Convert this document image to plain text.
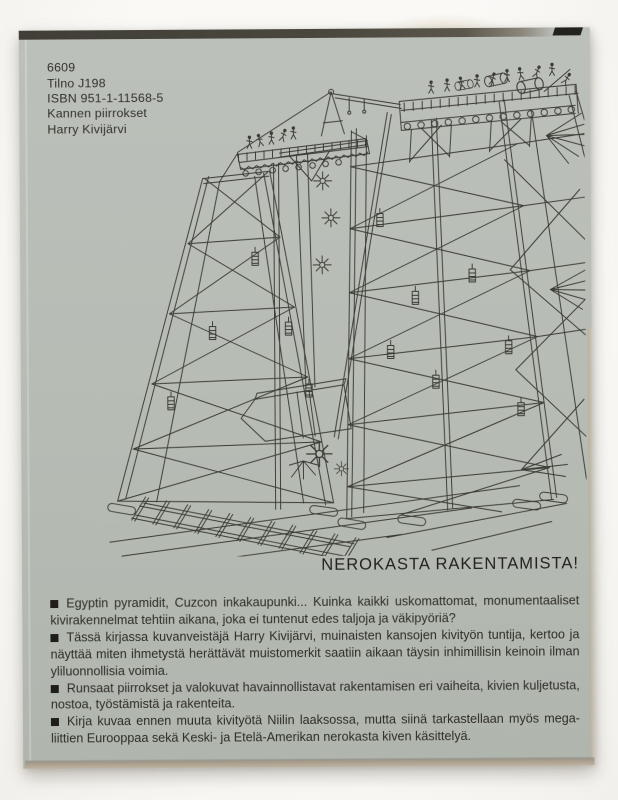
6609
Tilno J198
ISBN 951-1-11568-5
Kannen piirrokset
Harry Kivijärvi
NEROKASTA RAKENTAMISTA!

Egyptin pyramidit, Cuzcon inkakaupunki... Kuinka kaikki uskomattomat, monumentaaliset kivirakennelmat tehtiin aikana, joka ei tuntenut edes taljoja ja väkipyöriä?

Tässä kirjassa kuvanveistäjä Harry Kivijärvi, muinaisten kansojen kivityön tuntija, kertoo ja näyttää miten ihmetystä herättävät muistomerkit saatiin aikaan täysin inhimillisin keinoin ilman yliluonnollisia voimia.

Runsaat piirrokset ja valokuvat havainnollistavat rakentamisen eri vaiheita, kivien kuljetusta, nostoa, työstämistä ja rakenteita.

Kirja kuvaa ennen muuta kivityötä Niilin laaksossa, mutta siinä tarkastellaan myös megaliittien Eurooppaa sekä Keski- ja Etelä-Amerikan nerokasta kiven käsittelyä.
